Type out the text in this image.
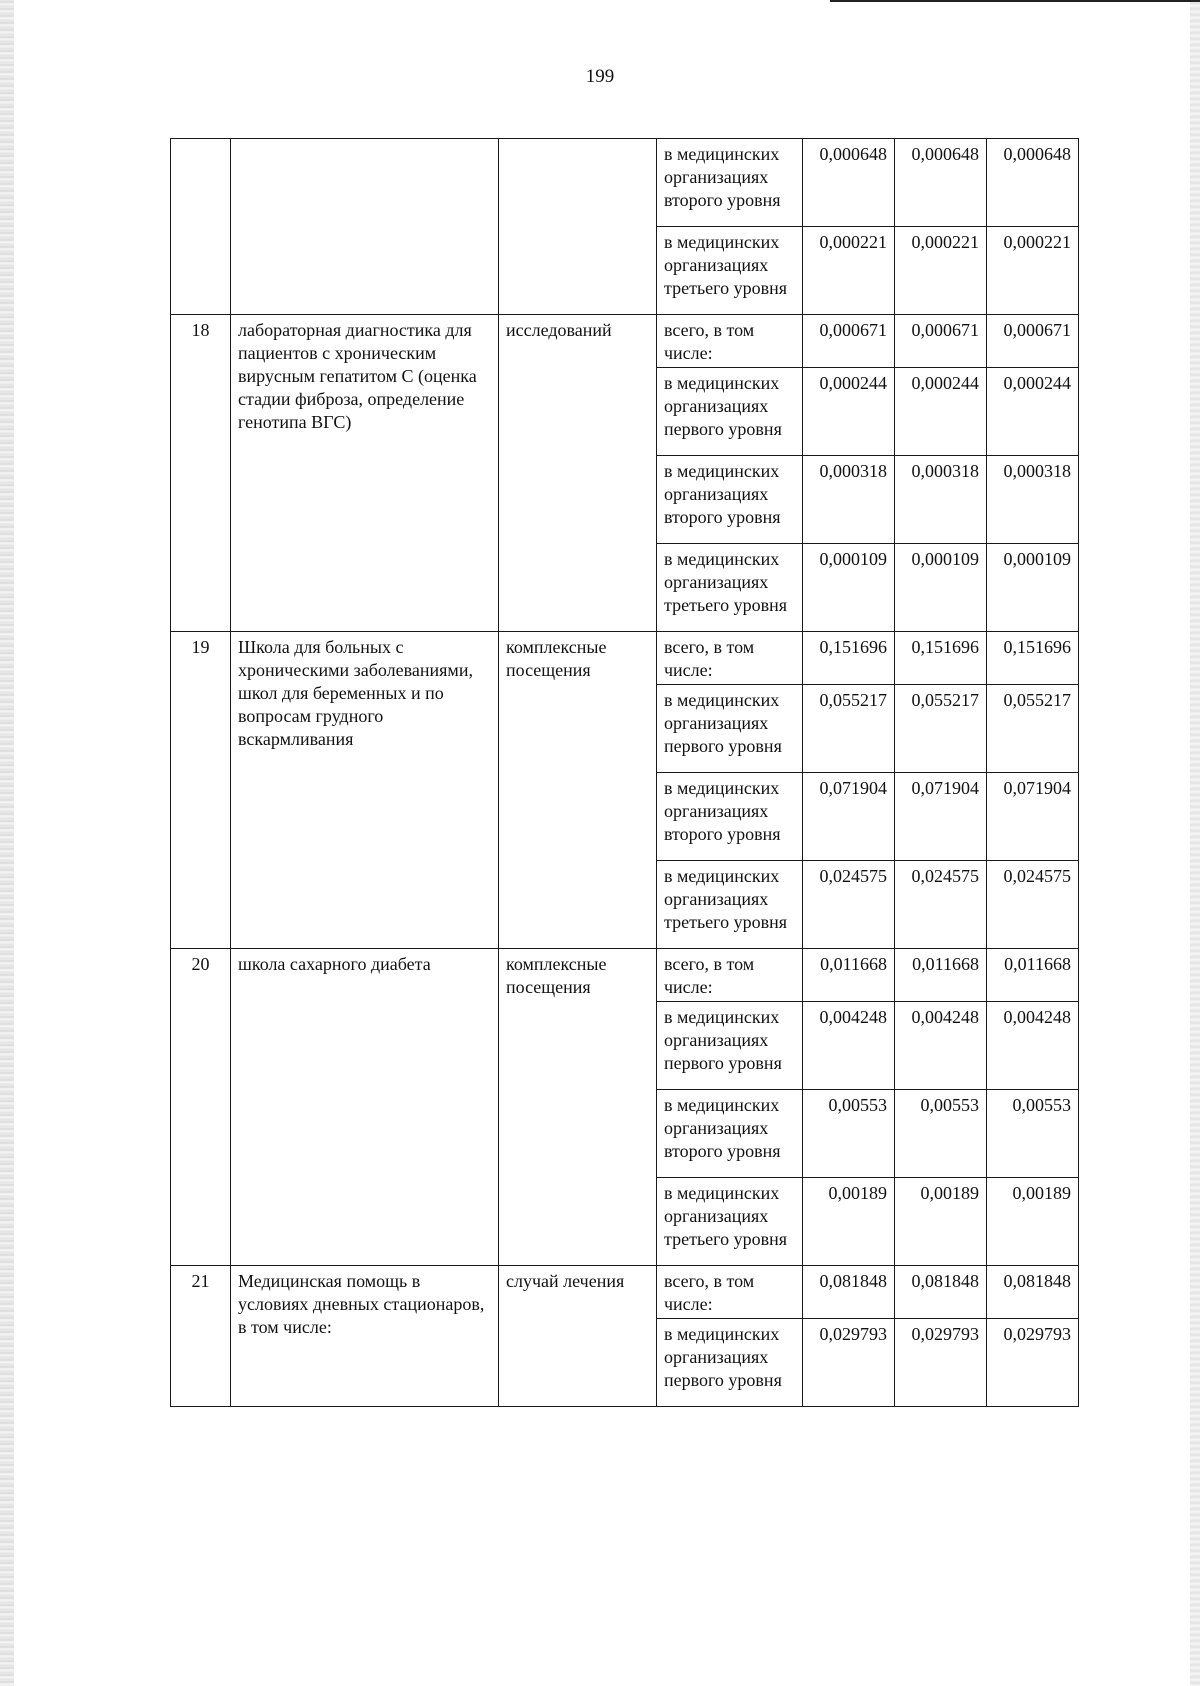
199
			в медицинских организациях второго уровня	0,000648	0,000648	0,000648
			в медицинских организациях третьего уровня	0,000221	0,000221	0,000221
18	лабораторная диагностика для пациентов с хроническим вирусным гепатитом С (оценка стадии фиброза, определение генотипа ВГС)	исследований	всего, в том числе:	0,000671	0,000671	0,000671
			в медицинских организациях первого уровня	0,000244	0,000244	0,000244
			в медицинских организациях второго уровня	0,000318	0,000318	0,000318
			в медицинских организациях третьего уровня	0,000109	0,000109	0,000109
19	Школа для больных с хроническими заболеваниями, школ для беременных и по вопросам грудного вскармливания	комплексные посещения	всего, в том числе:	0,151696	0,151696	0,151696
			в медицинских организациях первого уровня	0,055217	0,055217	0,055217
			в медицинских организациях второго уровня	0,071904	0,071904	0,071904
			в медицинских организациях третьего уровня	0,024575	0,024575	0,024575
20	школа сахарного диабета	комплексные посещения	всего, в том числе:	0,011668	0,011668	0,011668
			в медицинских организациях первого уровня	0,004248	0,004248	0,004248
			в медицинских организациях второго уровня	0,00553	0,00553	0,00553
			в медицинских организациях третьего уровня	0,00189	0,00189	0,00189
21	Медицинская помощь в условиях дневных стационаров, в том числе:	случай лечения	всего, в том числе:	0,081848	0,081848	0,081848
			в медицинских организациях первого уровня	0,029793	0,029793	0,029793
